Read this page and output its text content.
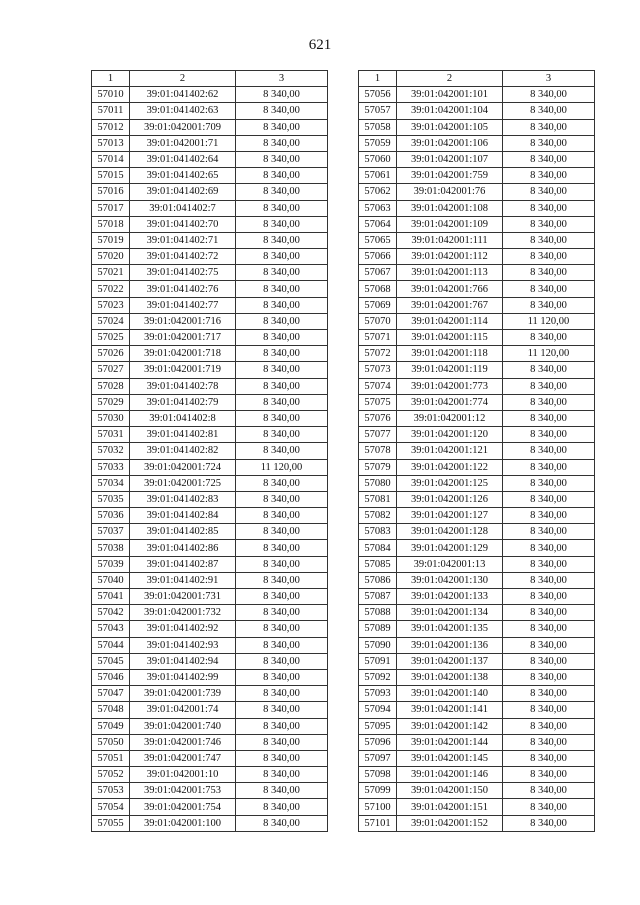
621
1	2	3
57010	39:01:041402:62	8 340,00
57011	39:01:041402:63	8 340,00
57012	39:01:042001:709	8 340,00
57013	39:01:042001:71	8 340,00
57014	39:01:041402:64	8 340,00
57015	39:01:041402:65	8 340,00
57016	39:01:041402:69	8 340,00
57017	39:01:041402:7	8 340,00
57018	39:01:041402:70	8 340,00
57019	39:01:041402:71	8 340,00
57020	39:01:041402:72	8 340,00
57021	39:01:041402:75	8 340,00
57022	39:01:041402:76	8 340,00
57023	39:01:041402:77	8 340,00
57024	39:01:042001:716	8 340,00
57025	39:01:042001:717	8 340,00
57026	39:01:042001:718	8 340,00
57027	39:01:042001:719	8 340,00
57028	39:01:041402:78	8 340,00
57029	39:01:041402:79	8 340,00
57030	39:01:041402:8	8 340,00
57031	39:01:041402:81	8 340,00
57032	39:01:041402:82	8 340,00
57033	39:01:042001:724	11 120,00
57034	39:01:042001:725	8 340,00
57035	39:01:041402:83	8 340,00
57036	39:01:041402:84	8 340,00
57037	39:01:041402:85	8 340,00
57038	39:01:041402:86	8 340,00
57039	39:01:041402:87	8 340,00
57040	39:01:041402:91	8 340,00
57041	39:01:042001:731	8 340,00
57042	39:01:042001:732	8 340,00
57043	39:01:041402:92	8 340,00
57044	39:01:041402:93	8 340,00
57045	39:01:041402:94	8 340,00
57046	39:01:041402:99	8 340,00
57047	39:01:042001:739	8 340,00
57048	39:01:042001:74	8 340,00
57049	39:01:042001:740	8 340,00
57050	39:01:042001:746	8 340,00
57051	39:01:042001:747	8 340,00
57052	39:01:042001:10	8 340,00
57053	39:01:042001:753	8 340,00
57054	39:01:042001:754	8 340,00
57055	39:01:042001:100	8 340,00
1	2	3
57056	39:01:042001:101	8 340,00
57057	39:01:042001:104	8 340,00
57058	39:01:042001:105	8 340,00
57059	39:01:042001:106	8 340,00
57060	39:01:042001:107	8 340,00
57061	39:01:042001:759	8 340,00
57062	39:01:042001:76	8 340,00
57063	39:01:042001:108	8 340,00
57064	39:01:042001:109	8 340,00
57065	39:01:042001:111	8 340,00
57066	39:01:042001:112	8 340,00
57067	39:01:042001:113	8 340,00
57068	39:01:042001:766	8 340,00
57069	39:01:042001:767	8 340,00
57070	39:01:042001:114	11 120,00
57071	39:01:042001:115	8 340,00
57072	39:01:042001:118	11 120,00
57073	39:01:042001:119	8 340,00
57074	39:01:042001:773	8 340,00
57075	39:01:042001:774	8 340,00
57076	39:01:042001:12	8 340,00
57077	39:01:042001:120	8 340,00
57078	39:01:042001:121	8 340,00
57079	39:01:042001:122	8 340,00
57080	39:01:042001:125	8 340,00
57081	39:01:042001:126	8 340,00
57082	39:01:042001:127	8 340,00
57083	39:01:042001:128	8 340,00
57084	39:01:042001:129	8 340,00
57085	39:01:042001:13	8 340,00
57086	39:01:042001:130	8 340,00
57087	39:01:042001:133	8 340,00
57088	39:01:042001:134	8 340,00
57089	39:01:042001:135	8 340,00
57090	39:01:042001:136	8 340,00
57091	39:01:042001:137	8 340,00
57092	39:01:042001:138	8 340,00
57093	39:01:042001:140	8 340,00
57094	39:01:042001:141	8 340,00
57095	39:01:042001:142	8 340,00
57096	39:01:042001:144	8 340,00
57097	39:01:042001:145	8 340,00
57098	39:01:042001:146	8 340,00
57099	39:01:042001:150	8 340,00
57100	39:01:042001:151	8 340,00
57101	39:01:042001:152	8 340,00
